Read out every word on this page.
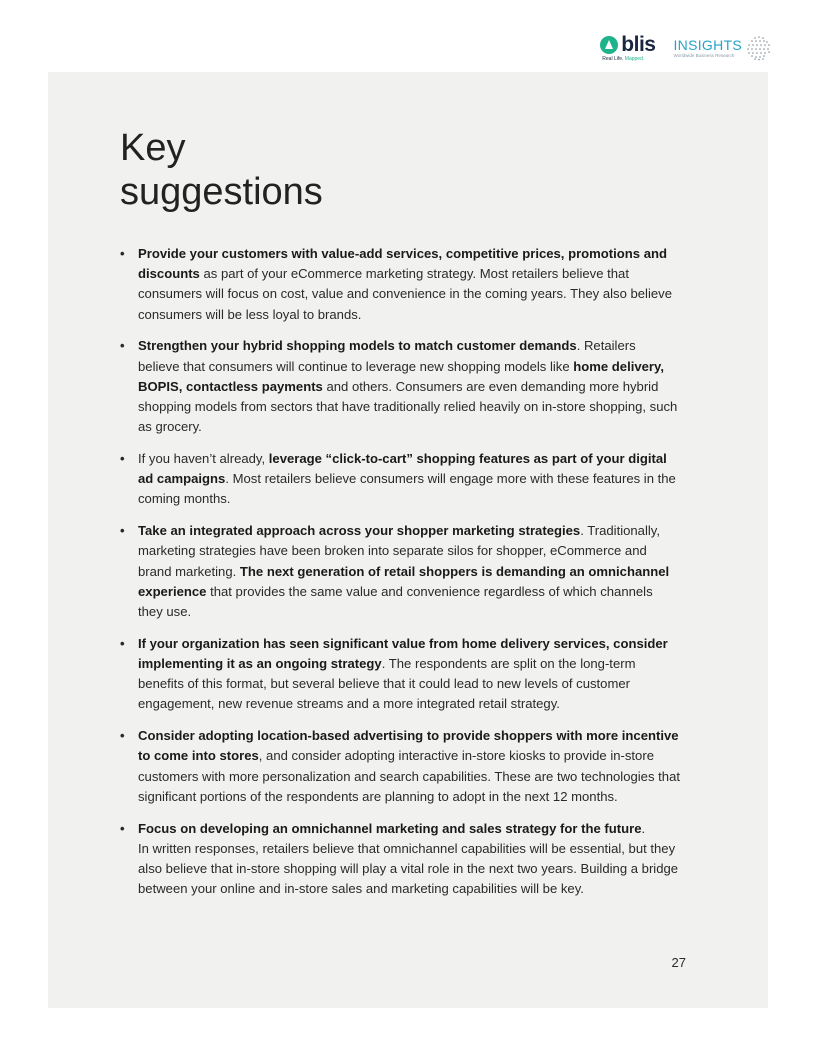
blis
Real Life. Mapped.
INSIGHTS
Worldwide Business Research
Key
suggestions
• Provide your customers with value-add services, competitive prices, promotions and discounts as part of your eCommerce marketing strategy. Most retailers believe that consumers will focus on cost, value and convenience in the coming years. They also believe consumers will be less loyal to brands.
• Strengthen your hybrid shopping models to match customer demands. Retailers believe that consumers will continue to leverage new shopping models like home delivery, BOPIS, contactless payments and others. Consumers are even demanding more hybrid shopping models from sectors that have traditionally relied heavily on in-store shopping, such as grocery.
• If you haven’t already, leverage “click-to-cart” shopping features as part of your digital ad campaigns. Most retailers believe consumers will engage more with these features in the coming months.
• Take an integrated approach across your shopper marketing strategies. Traditionally, marketing strategies have been broken into separate silos for shopper, eCommerce and brand marketing. The next generation of retail shoppers is demanding an omnichannel experience that provides the same value and convenience regardless of which channels they use.
• If your organization has seen significant value from home delivery services, consider implementing it as an ongoing strategy. The respondents are split on the long-term benefits of this format, but several believe that it could lead to new levels of customer engagement, new revenue streams and a more integrated retail strategy.
• Consider adopting location-based advertising to provide shoppers with more incentive to come into stores, and consider adopting interactive in-store kiosks to provide in-store customers with more personalization and search capabilities. These are two technologies that significant portions of the respondents are planning to adopt in the next 12 months.
• Focus on developing an omnichannel marketing and sales strategy for the future.
In written responses, retailers believe that omnichannel capabilities will be essential, but they also believe that in-store shopping will play a vital role in the next two years. Building a bridge between your online and in-store sales and marketing capabilities will be key.
27
